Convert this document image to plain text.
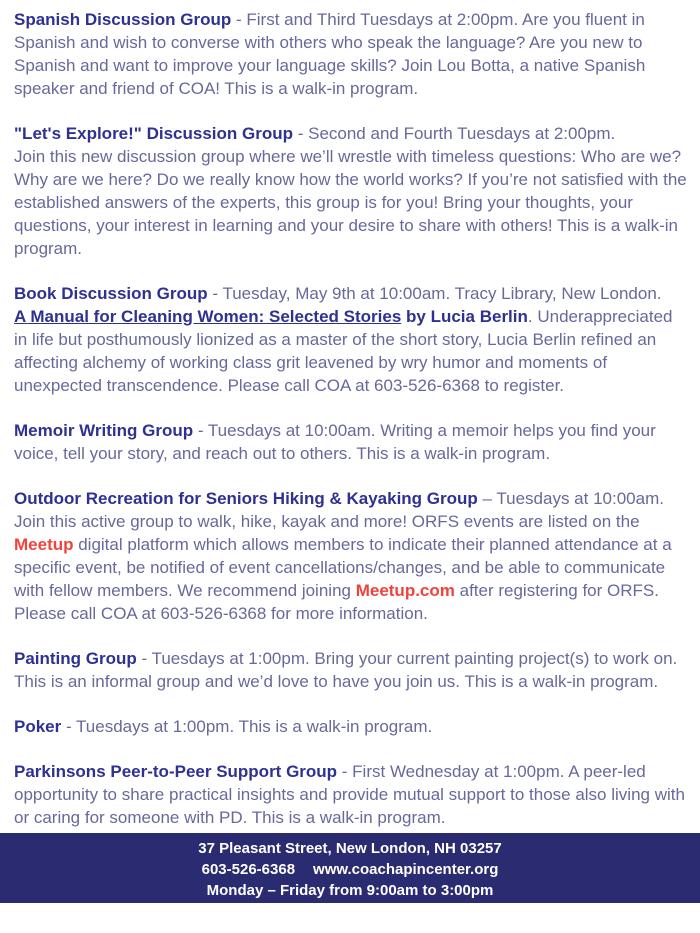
Spanish Discussion Group - First and Third Tuesdays at 2:00pm. Are you fluent in Spanish and wish to converse with others who speak the language? Are you new to Spanish and want to improve your language skills? Join Lou Botta, a native Spanish speaker and friend of COA! This is a walk-in program.

"Let's Explore!" Discussion Group - Second and Fourth Tuesdays at 2:00pm.
Join this new discussion group where we’ll wrestle with timeless questions: Who are we? Why are we here? Do we really know how the world works? If you’re not satisfied with the established answers of the experts, this group is for you! Bring your thoughts, your questions, your interest in learning and your desire to share with others! This is a walk-in program.

Book Discussion Group - Tuesday, May 9th at 10:00am. Tracy Library, New London.
A Manual for Cleaning Women: Selected Stories by Lucia Berlin. Underappreciated in life but posthumously lionized as a master of the short story, Lucia Berlin refined an affecting alchemy of working class grit leavened by wry humor and moments of unexpected transcendence. Please call COA at 603-526-6368 to register.

Memoir Writing Group - Tuesdays at 10:00am. Writing a memoir helps you find your voice, tell your story, and reach out to others. This is a walk-in program.

Outdoor Recreation for Seniors Hiking & Kayaking Group – Tuesdays at 10:00am. Join this active group to walk, hike, kayak and more! ORFS events are listed on the Meetup digital platform which allows members to indicate their planned attendance at a specific event, be notified of event cancellations/changes, and be able to communicate with fellow members. We recommend joining Meetup.com after registering for ORFS. Please call COA at 603-526-6368 for more information.

Painting Group - Tuesdays at 1:00pm. Bring your current painting project(s) to work on. This is an informal group and we’d love to have you join us. This is a walk-in program.

Poker - Tuesdays at 1:00pm. This is a walk-in program.

Parkinsons Peer-to-Peer Support Group - First Wednesday at 1:00pm. A peer-led opportunity to share practical insights and provide mutual support to those also living with or caring for someone with PD. This is a walk-in program.

37 Pleasant Street, New London, NH 03257
603-526-6368 www.coachapincenter.org
Monday – Friday from 9:00am to 3:00pm
